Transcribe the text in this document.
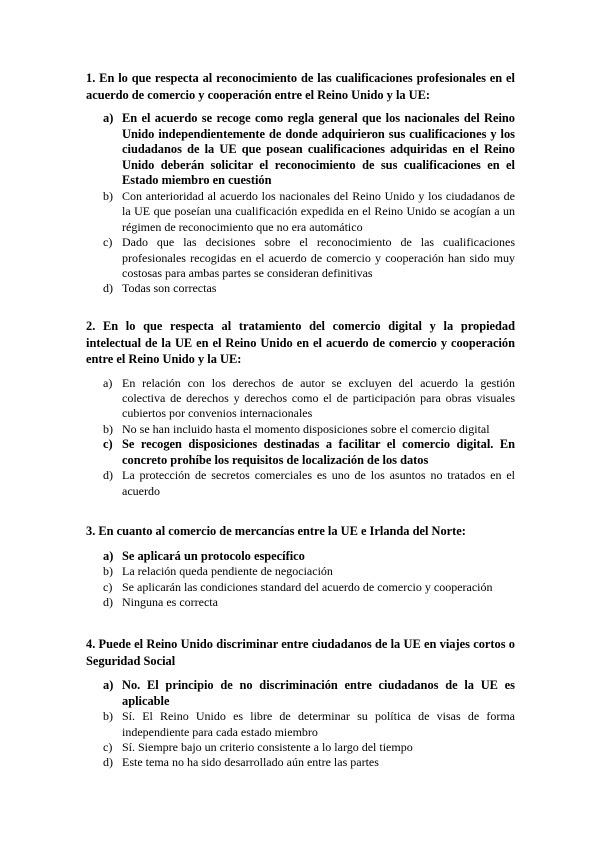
1. En lo que respecta al reconocimiento de las cualificaciones profesionales en el acuerdo de comercio y cooperación entre el Reino Unido y la UE:

a) En el acuerdo se recoge como regla general que los nacionales del Reino Unido independientemente de donde adquirieron sus cualificaciones y los ciudadanos de la UE que posean cualificaciones adquiridas en el Reino Unido deberán solicitar el reconocimiento de sus cualificaciones en el Estado miembro en cuestión
b) Con anterioridad al acuerdo los nacionales del Reino Unido y los ciudadanos de la UE que poseían una cualificación expedida en el Reino Unido se acogían a un régimen de reconocimiento que no era automático
c) Dado que las decisiones sobre el reconocimiento de las cualificaciones profesionales recogidas en el acuerdo de comercio y cooperación han sido muy costosas para ambas partes se consideran definitivas
d) Todas son correctas

2. En lo que respecta al tratamiento del comercio digital y la propiedad intelectual de la UE en el Reino Unido en el acuerdo de comercio y cooperación entre el Reino Unido y la UE:

a) En relación con los derechos de autor se excluyen del acuerdo la gestión colectiva de derechos y derechos como el de participación para obras visuales cubiertos por convenios internacionales
b) No se han incluido hasta el momento disposiciones sobre el comercio digital
c) Se recogen disposiciones destinadas a facilitar el comercio digital. En concreto prohíbe los requisitos de localización de los datos
d) La protección de secretos comerciales es uno de los asuntos no tratados en el acuerdo

3. En cuanto al comercio de mercancías entre la UE e Irlanda del Norte:

a) Se aplicará un protocolo específico
b) La relación queda pendiente de negociación
c) Se aplicarán las condiciones standard del acuerdo de comercio y cooperación
d) Ninguna es correcta

4. Puede el Reino Unido discriminar entre ciudadanos de la UE en viajes cortos o Seguridad Social

a) No. El principio de no discriminación entre ciudadanos de la UE es aplicable
b) Sí. El Reino Unido es libre de determinar su política de visas de forma independiente para cada estado miembro
c) Sí. Siempre bajo un criterio consistente a lo largo del tiempo
d) Este tema no ha sido desarrollado aún entre las partes
